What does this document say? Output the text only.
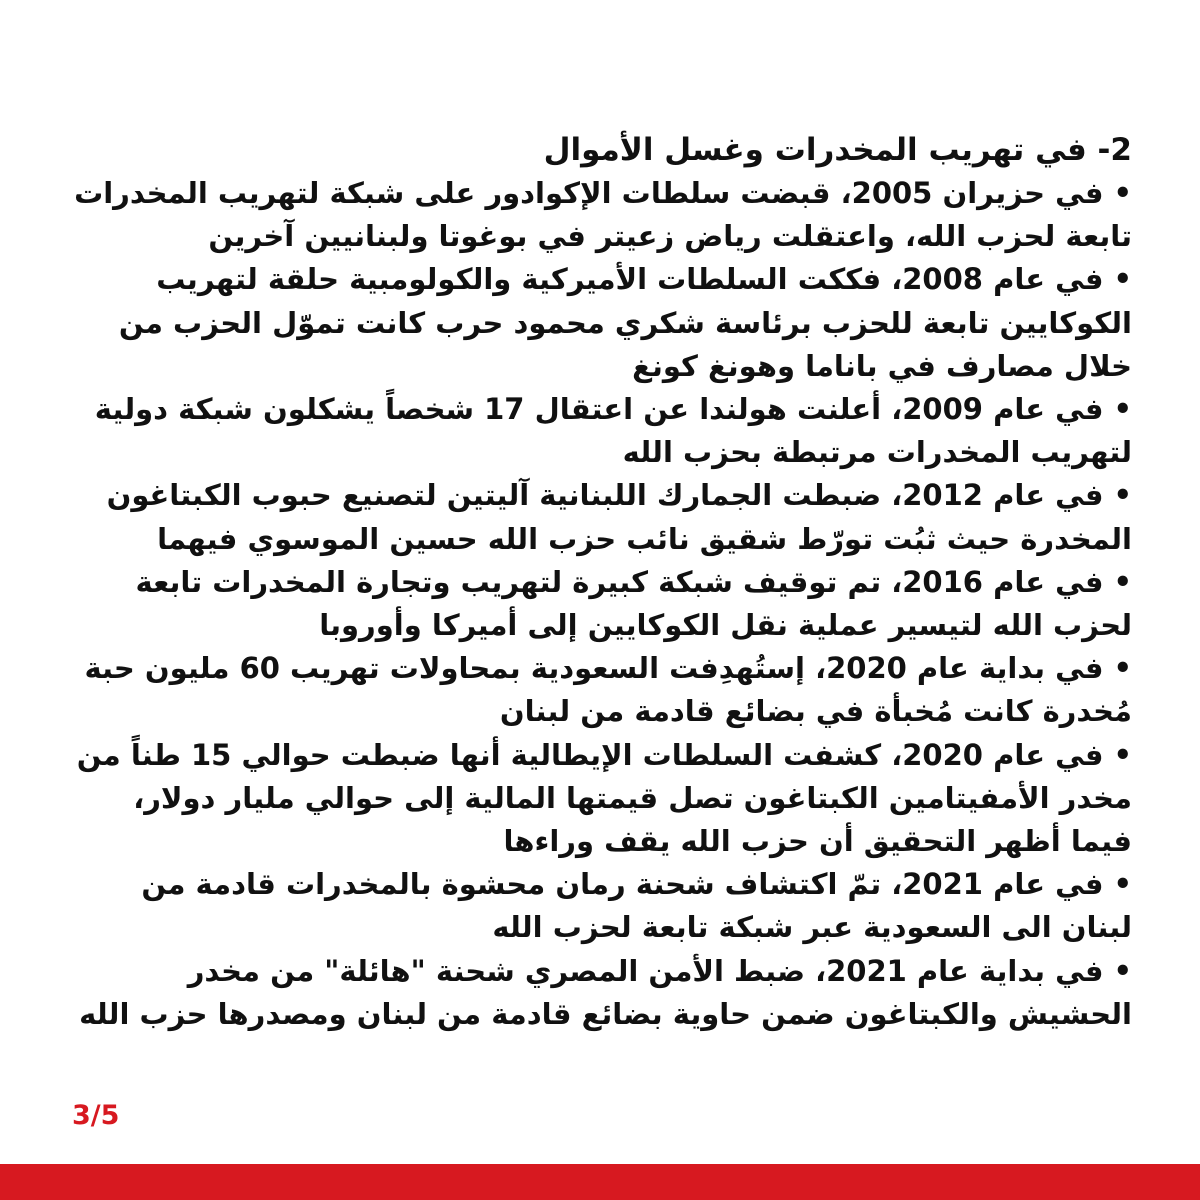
2- في تهريب المخدرات وغسل الأموال

•في حزيران 2005، قبضت سلطات الإكوادور على شبكة لتهريب المخدرات تابعة لحزب الله، واعتقلت رياض زعيتر في بوغوتا ولبنانيين آخرين

•في عام 2008، فككت السلطات الأميركية والكولومبية حلقة لتهريب الكوكايين تابعة للحزب برئاسة شكري محمود حرب كانت تموّل الحزب من خلال مصارف في باناما وهونغ كونغ

•في عام 2009، أعلنت هولندا عن اعتقال 17 شخصاً يشكلون شبكة دولية لتهريب المخدرات مرتبطة بحزب الله

•في عام 2012، ضبطت الجمارك اللبنانية آليتين لتصنيع حبوب الكبتاغون المخدرة حيث ثبُت تورّط شقيق نائب حزب الله حسين الموسوي فيهما

•في عام 2016، تم توقيف شبكة كبيرة لتهريب وتجارة المخدرات تابعة لحزب الله لتيسير عملية نقل الكوكايين إلى أميركا وأوروبا

•في بداية عام 2020، إستُهدِفت السعودية بمحاولات تهريب 60 مليون حبة مُخدرة كانت مُخبأة في بضائع قادمة من لبنان

•في عام 2020، كشفت السلطات الإيطالية أنها ضبطت حوالي 15 طناً من مخدر الأمفيتامين الكبتاغون تصل قيمتها المالية إلى حوالي مليار دولار، فيما أظهر التحقيق أن حزب الله يقف وراءها

•في عام 2021، تمّ اكتشاف شحنة رمان محشوة بالمخدرات قادمة من لبنان الى السعودية عبر شبكة تابعة لحزب الله

•في بداية عام 2021، ضبط الأمن المصري شحنة "هائلة" من مخدر الحشيش والكبتاغون ضمن حاوية بضائع قادمة من لبنان ومصدرها حزب الله

3/5
